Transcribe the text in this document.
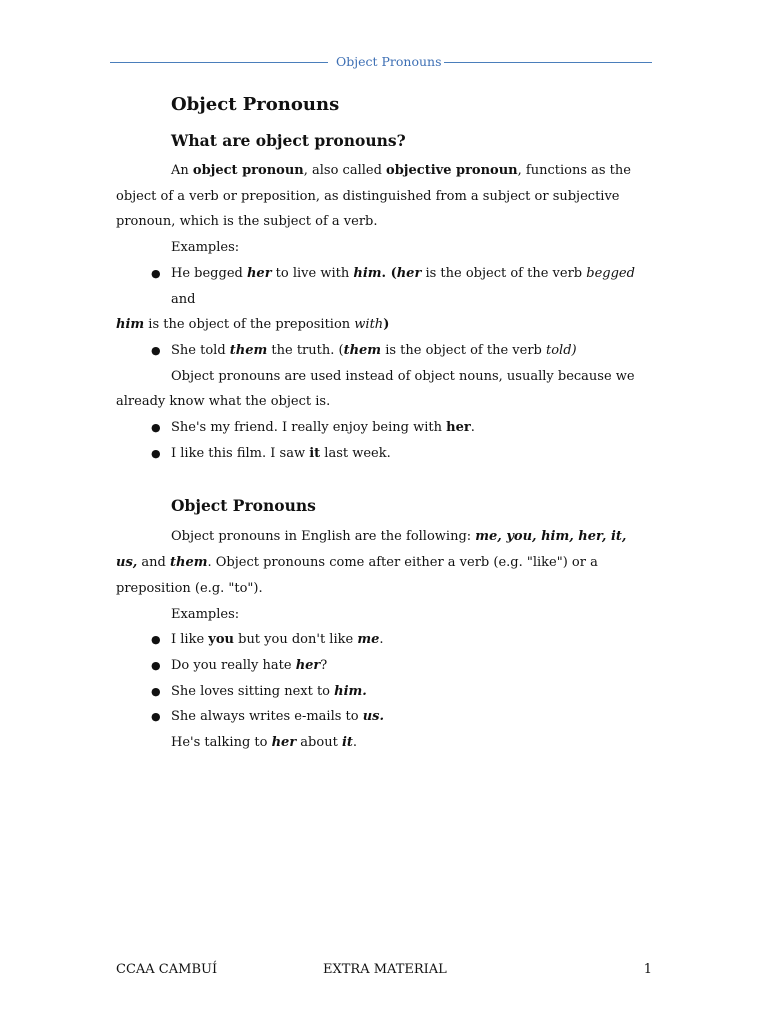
Object Pronouns
Object Pronouns
What are object pronouns?

An object pronoun, also called objective pronoun, functions as the object of a verb or preposition, as distinguished from a subject or subjective pronoun, which is the subject of a verb.

Examples:

● He begged her to live with him. (her is the object of the verb begged and

him is the object of the preposition with)

● She told them the truth. (them is the object of the verb told)

Object pronouns are used instead of object nouns, usually because we already know what the object is.

● She's my friend. I really enjoy being with her.
● I like this film. I saw it last week.
Object Pronouns

Object pronouns in English are the following: me, you, him, her, it, us, and them. Object pronouns come after either a verb (e.g. "like") or a preposition (e.g. "to").

Examples:

● I like you but you don't like me.
● Do you really hate her?
● She loves sitting next to him.
● She always writes e-mails to us.

He's talking to her about it.

CCAA CAMBUÍ	EXTRA MATERIAL	1
